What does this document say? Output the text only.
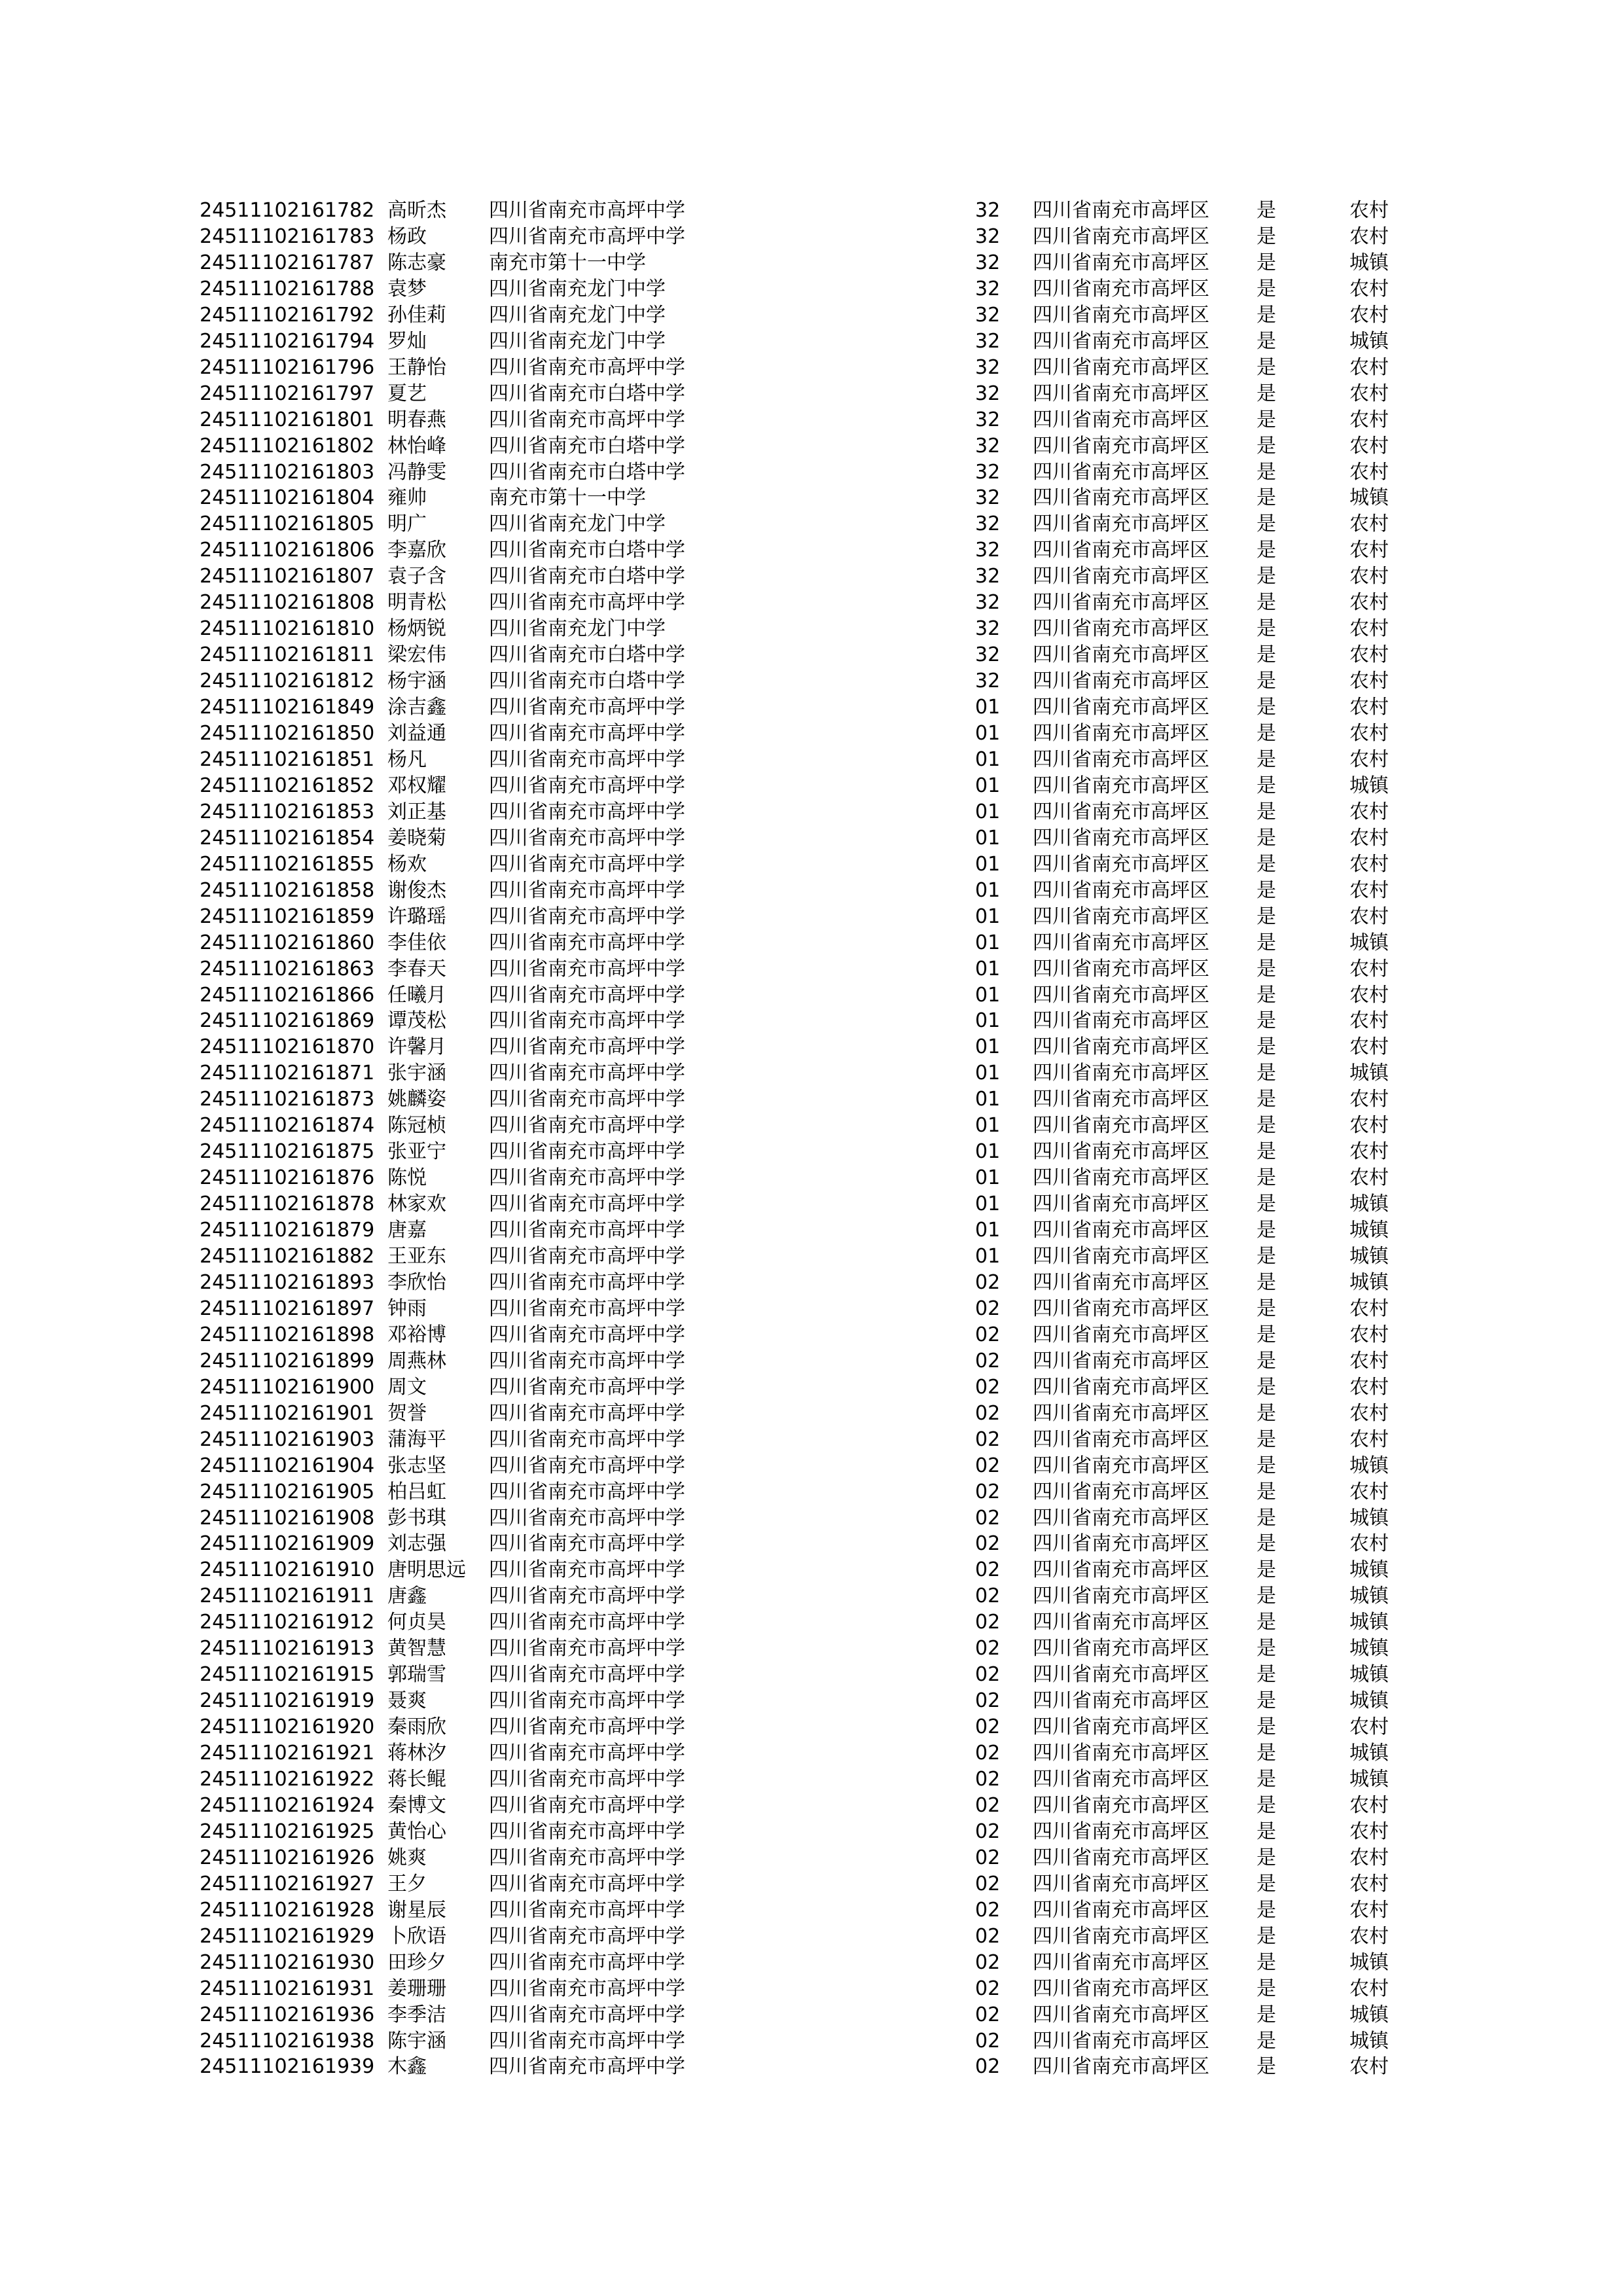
24511102161782 高昕杰 四川省南充市高坪中学	32 四川省南充市高坪区 是	农村
24511102161783 杨政	四川省南充市高坪中学	32 四川省南充市高坪区 是	农村
24511102161787 陈志豪 南充市第十一中学	32 四川省南充市高坪区 是	城镇
24511102161788 袁梦	四川省南充龙门中学	32 四川省南充市高坪区 是	农村
24511102161792 孙佳莉 四川省南充龙门中学	32 四川省南充市高坪区 是	农村
24511102161794 罗灿	四川省南充龙门中学	32 四川省南充市高坪区 是	城镇
24511102161796 王静怡 四川省南充市高坪中学	32 四川省南充市高坪区 是	农村
24511102161797 夏艺	四川省南充市白塔中学	32 四川省南充市高坪区 是	农村
24511102161801 明春燕 四川省南充市高坪中学	32 四川省南充市高坪区 是	农村
24511102161802 林怡峰 四川省南充市白塔中学	32 四川省南充市高坪区 是	农村
24511102161803 冯静雯 四川省南充市白塔中学	32 四川省南充市高坪区 是	农村
24511102161804 雍帅	南充市第十一中学	32 四川省南充市高坪区 是	城镇
24511102161805 明广	四川省南充龙门中学	32 四川省南充市高坪区 是	农村
24511102161806 李嘉欣 四川省南充市白塔中学	32 四川省南充市高坪区 是	农村
24511102161807 袁子含 四川省南充市白塔中学	32 四川省南充市高坪区 是	农村
24511102161808 明青松 四川省南充市高坪中学	32 四川省南充市高坪区 是	农村
24511102161810 杨炳锐 四川省南充龙门中学	32 四川省南充市高坪区 是	农村
24511102161811 梁宏伟 四川省南充市白塔中学	32 四川省南充市高坪区 是	农村
24511102161812 杨宇涵 四川省南充市白塔中学	32 四川省南充市高坪区 是	农村
24511102161849 涂吉鑫 四川省南充市高坪中学	01 四川省南充市高坪区 是	农村
24511102161850 刘益通 四川省南充市高坪中学	01 四川省南充市高坪区 是	农村
24511102161851 杨凡	四川省南充市高坪中学	01 四川省南充市高坪区 是	农村
24511102161852 邓权耀 四川省南充市高坪中学	01 四川省南充市高坪区 是	城镇
24511102161853 刘正基 四川省南充市高坪中学	01 四川省南充市高坪区 是	农村
24511102161854 姜晓菊 四川省南充市高坪中学	01 四川省南充市高坪区 是	农村
24511102161855 杨欢	四川省南充市高坪中学	01 四川省南充市高坪区 是	农村
24511102161858 谢俊杰 四川省南充市高坪中学	01 四川省南充市高坪区 是	农村
24511102161859 许璐瑶 四川省南充市高坪中学	01 四川省南充市高坪区 是	农村
24511102161860 李佳依 四川省南充市高坪中学	01 四川省南充市高坪区 是	城镇
24511102161863 李春天 四川省南充市高坪中学	01 四川省南充市高坪区 是	农村
24511102161866 任曦月 四川省南充市高坪中学	01 四川省南充市高坪区 是	农村
24511102161869 谭茂松 四川省南充市高坪中学	01 四川省南充市高坪区 是	农村
24511102161870 许馨月 四川省南充市高坪中学	01 四川省南充市高坪区 是	农村
24511102161871 张宇涵 四川省南充市高坪中学	01 四川省南充市高坪区 是	城镇
24511102161873 姚麟姿 四川省南充市高坪中学	01 四川省南充市高坪区 是	农村
24511102161874 陈冠桢 四川省南充市高坪中学	01 四川省南充市高坪区 是	农村
24511102161875 张亚宁 四川省南充市高坪中学	01 四川省南充市高坪区 是	农村
24511102161876 陈悦	四川省南充市高坪中学	01 四川省南充市高坪区 是	农村
24511102161878 林家欢 四川省南充市高坪中学	01 四川省南充市高坪区 是	城镇
24511102161879 唐嘉	四川省南充市高坪中学	01 四川省南充市高坪区 是	城镇
24511102161882 王亚东 四川省南充市高坪中学	01 四川省南充市高坪区 是	城镇
24511102161893 李欣怡 四川省南充市高坪中学	02 四川省南充市高坪区 是	城镇
24511102161897 钟雨	四川省南充市高坪中学	02 四川省南充市高坪区 是	农村
24511102161898 邓裕博 四川省南充市高坪中学	02 四川省南充市高坪区 是	农村
24511102161899 周燕林 四川省南充市高坪中学	02 四川省南充市高坪区 是	农村
24511102161900 周文	四川省南充市高坪中学	02 四川省南充市高坪区 是	农村
24511102161901 贺誉	四川省南充市高坪中学	02 四川省南充市高坪区 是	农村
24511102161903 蒲海平 四川省南充市高坪中学	02 四川省南充市高坪区 是	农村
24511102161904 张志坚 四川省南充市高坪中学	02 四川省南充市高坪区 是	城镇
24511102161905 柏吕虹 四川省南充市高坪中学	02 四川省南充市高坪区 是	农村
24511102161908 彭书琪 四川省南充市高坪中学	02 四川省南充市高坪区 是	城镇
24511102161909 刘志强 四川省南充市高坪中学	02 四川省南充市高坪区 是	农村
24511102161910 唐明思远 四川省南充市高坪中学	02 四川省南充市高坪区 是	城镇
24511102161911 唐鑫	四川省南充市高坪中学	02 四川省南充市高坪区 是	城镇
24511102161912 何贞昊 四川省南充市高坪中学	02 四川省南充市高坪区 是	城镇
24511102161913 黄智慧 四川省南充市高坪中学	02 四川省南充市高坪区 是	城镇
24511102161915 郭瑞雪 四川省南充市高坪中学	02 四川省南充市高坪区 是	城镇
24511102161919 聂爽	四川省南充市高坪中学	02 四川省南充市高坪区 是	城镇
24511102161920 秦雨欣 四川省南充市高坪中学	02 四川省南充市高坪区 是	农村
24511102161921 蒋林汐 四川省南充市高坪中学	02 四川省南充市高坪区 是	城镇
24511102161922 蒋长鲲 四川省南充市高坪中学	02 四川省南充市高坪区 是	城镇
24511102161924 秦博文 四川省南充市高坪中学	02 四川省南充市高坪区 是	农村
24511102161925 黄怡心 四川省南充市高坪中学	02 四川省南充市高坪区 是	农村
24511102161926 姚爽	四川省南充市高坪中学	02 四川省南充市高坪区 是	农村
24511102161927 王夕	四川省南充市高坪中学	02 四川省南充市高坪区 是	农村
24511102161928 谢星辰 四川省南充市高坪中学	02 四川省南充市高坪区 是	农村
24511102161929 卜欣语 四川省南充市高坪中学	02 四川省南充市高坪区 是	农村
24511102161930 田珍夕 四川省南充市高坪中学	02 四川省南充市高坪区 是	城镇
24511102161931 姜珊珊 四川省南充市高坪中学	02 四川省南充市高坪区 是	农村
24511102161936 李季洁 四川省南充市高坪中学	02 四川省南充市高坪区 是	城镇
24511102161938 陈宇涵 四川省南充市高坪中学	02 四川省南充市高坪区 是	城镇
24511102161939 木鑫	四川省南充市高坪中学	02 四川省南充市高坪区 是	农村
